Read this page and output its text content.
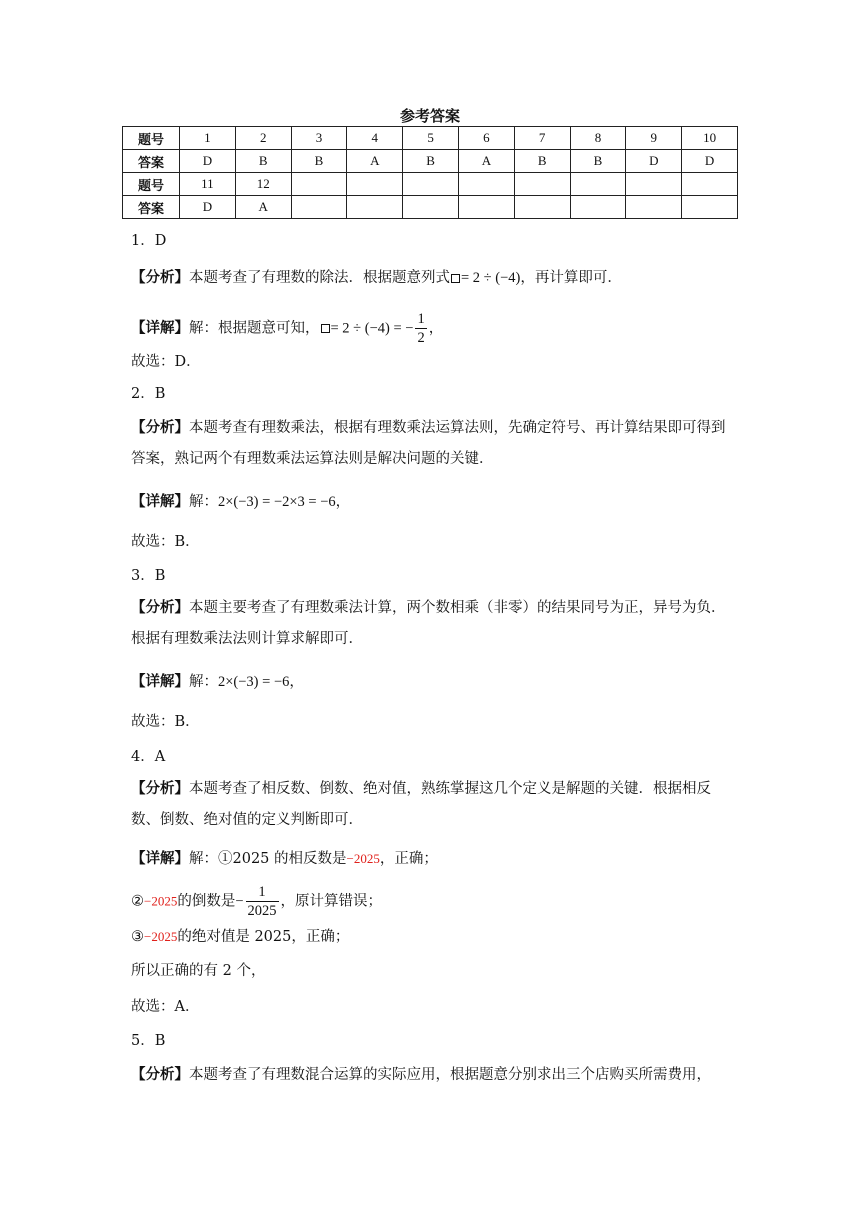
参考答案
题号	1	2	3	4	5	6	7	8	9	10
答案	D	B	B	A	B	A	B	B	D	D
题号	11	12								
答案	D	A								
1．D
【分析】本题考查了有理数的除法．根据题意列式 = 2 ÷ (−4)，再计算即可．
【详解】解：根据题意可知， = 2 ÷ (−4) = − $\frac{1}{2}$ ，
故选：D．
2．B
【分析】本题考查有理数乘法，根据有理数乘法运算法则，先确定符号、再计算结果即可得到答案，熟记两个有理数乘法运算法则是解决问题的关键．
【详解】解：2×(−3) = −2×3 = −6，
故选：B．
3．B
【分析】本题主要考查了有理数乘法计算，两个数相乘（非零）的结果同号为正，异号为负．根据有理数乘法法则计算求解即可．
【详解】解：2×(−3) = −6，
故选：B．
4．A
【分析】本题考查了相反数、倒数、绝对值，熟练掌握这几个定义是解题的关键．根据相反数、倒数、绝对值的定义判断即可．
【详解】解：①2025 的相反数是−2025，正确；
②−2025的倒数是− $\frac{1}{2025}$ ，原计算错误；
③−2025的绝对值是 2025，正确；
所以正确的有 2 个，
故选：A．
5．B
【分析】本题考查了有理数混合运算的实际应用，根据题意分别求出三个店购买所需费用，
